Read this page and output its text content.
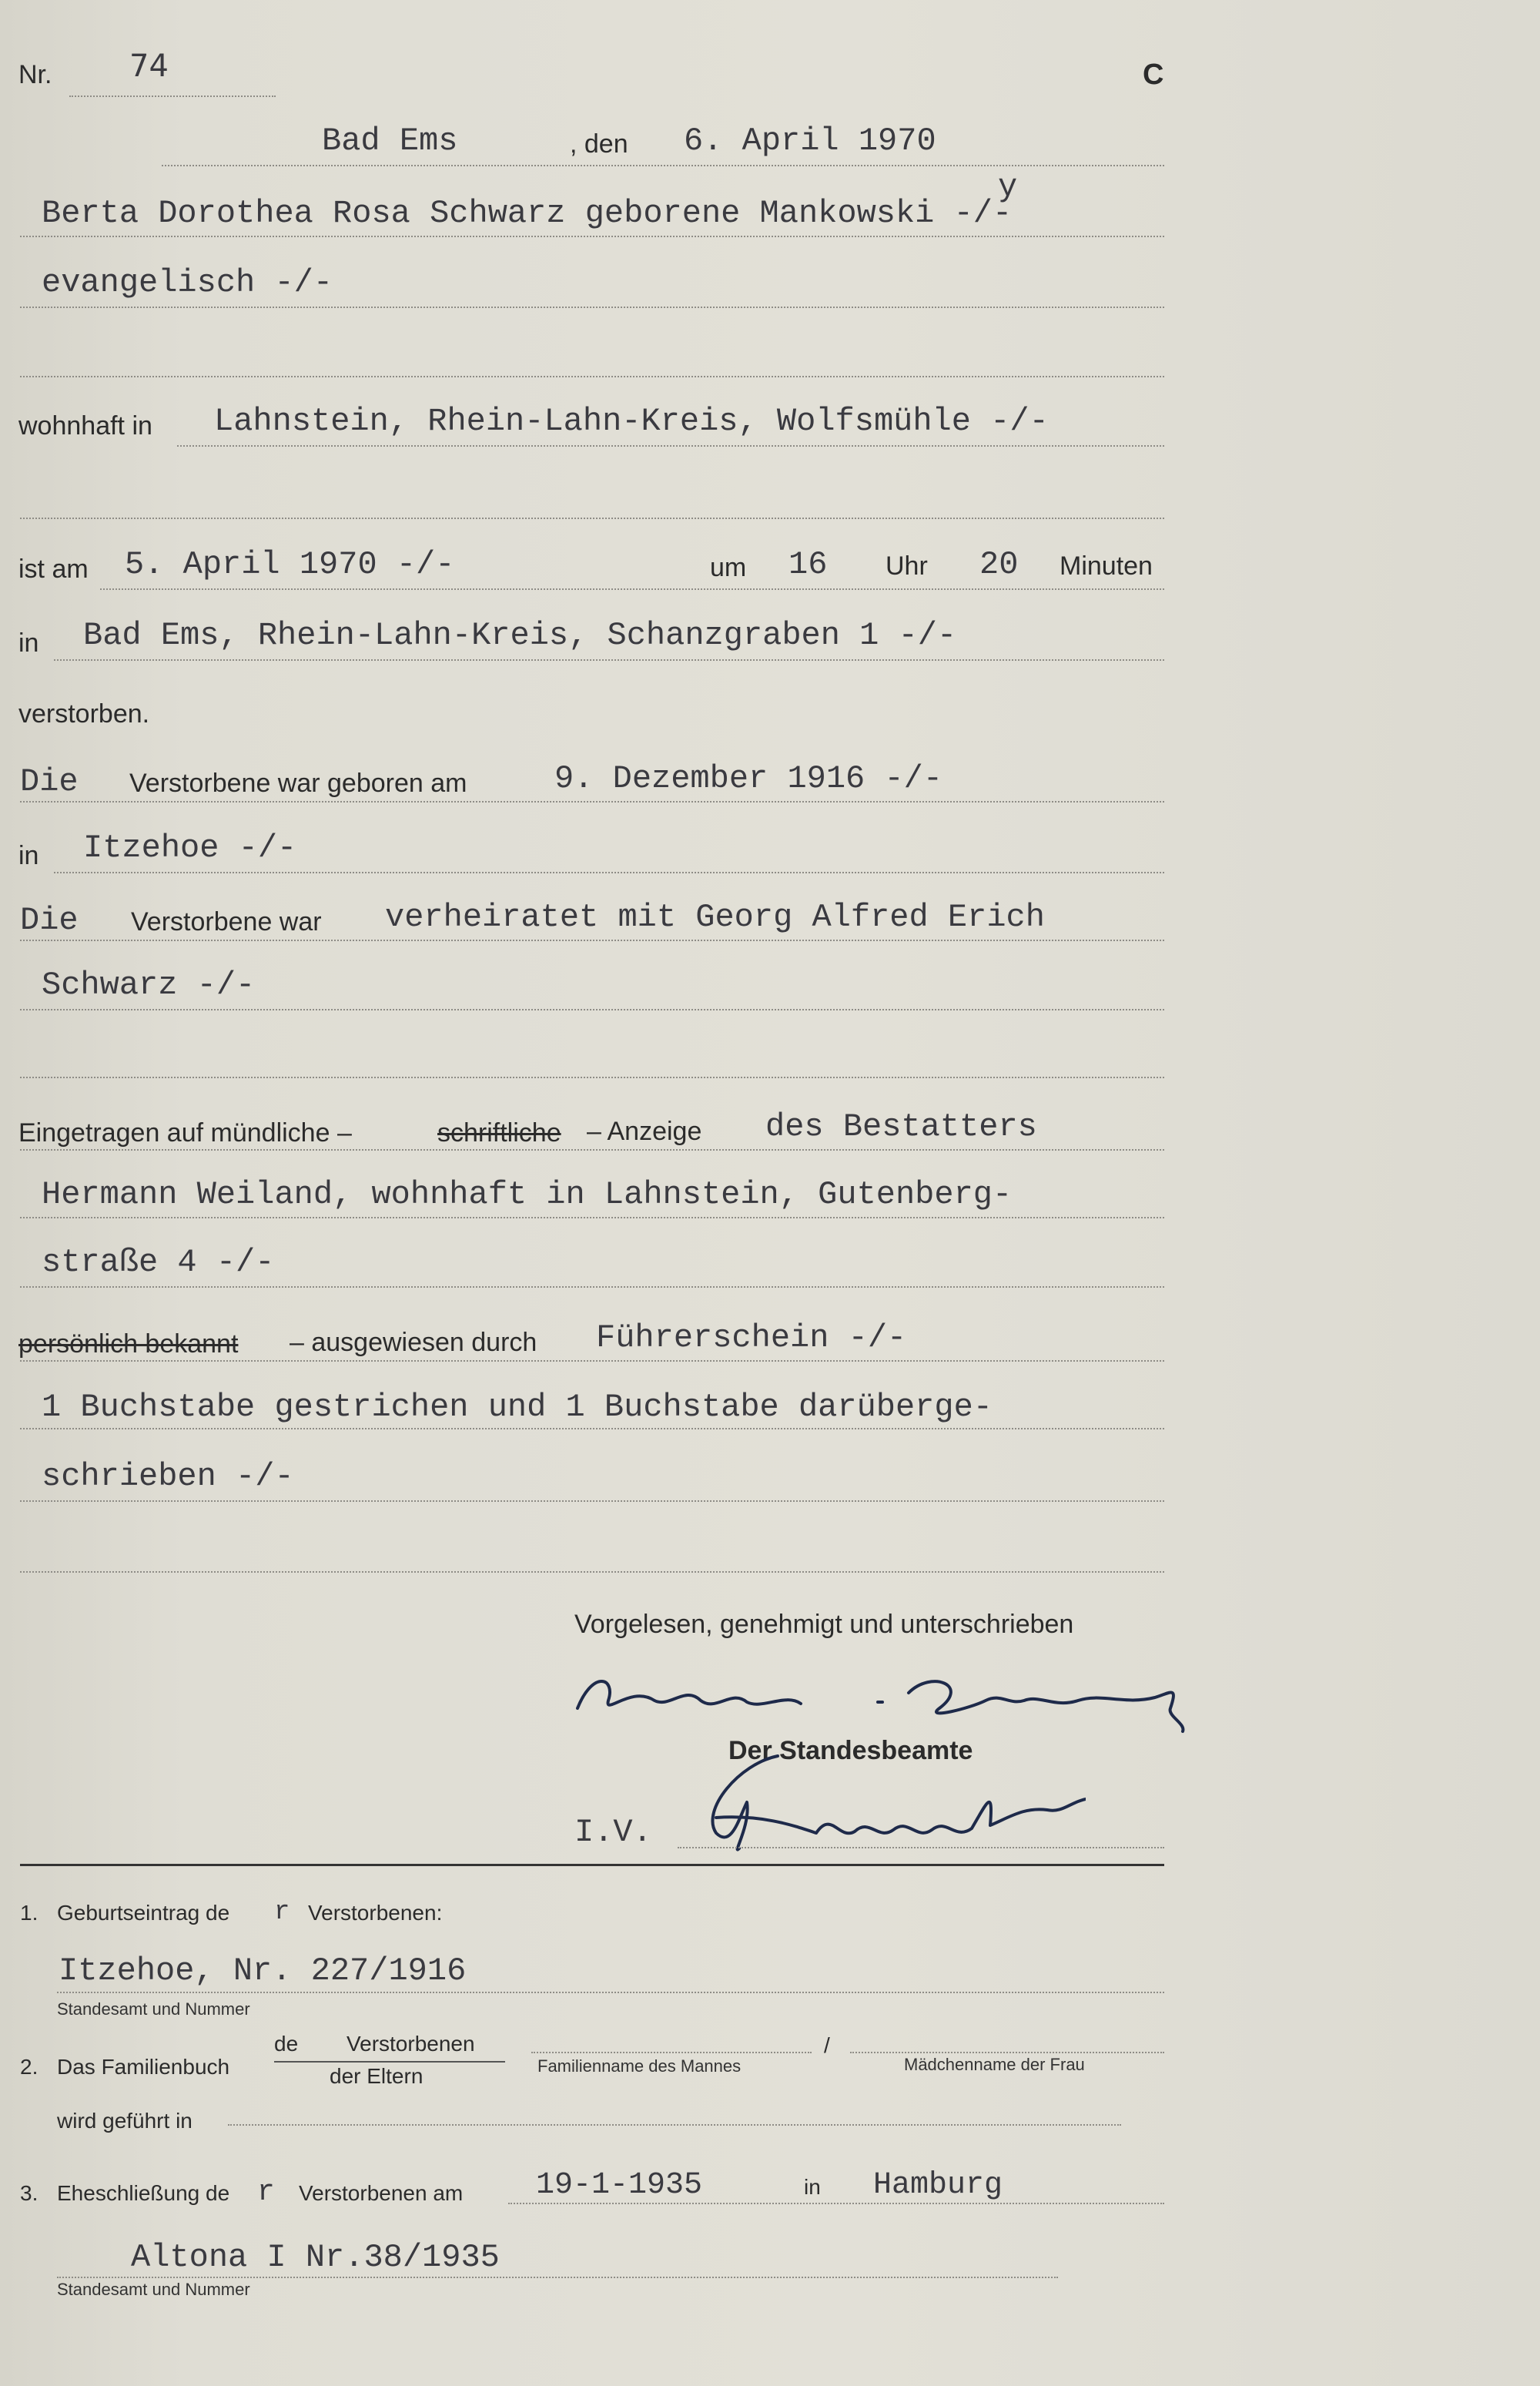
Nr.	74	C
Bad Ems	, den 6. April 1970
y
Berta Dorothea Rosa Schwarz geborene Mankowski -/-
evangelisch -/-
wohnhaft in Lahnstein, Rhein-Lahn-Kreis, Wolfsmühle -/-
ist am 5. April 1970 -/-	um 16 Uhr 20 Minuten
in Bad Ems, Rhein-Lahn-Kreis, Schanzgraben 1 -/-
verstorben.
Die Verstorbene war geboren am	9. Dezember 1916 -/-
in Itzehoe -/-
Die Verstorbene war verheiratet mit Georg Alfred Erich
Schwarz -/-
Eingetragen auf mündliche –	schriftliche – Anzeige des Bestatters
Hermann Weiland, wohnhaft in Lahnstein, Gutenberg-
straße 4 -/-
persönlich bekannt – ausgewiesen durch Führerschein -/-
1 Buchstabe gestrichen und 1 Buchstabe darüberge-
schrieben -/-
Vorgelesen, genehmigt und unterschrieben
Der Standesbeamte
I.V.
1. Geburtseintrag de r Verstorbenen:
Itzehoe, Nr. 227/1916
Standesamt und Nummer
2. Das Familienbuch
de Verstorbenen
der Eltern	Familienname des Mannes
/
Mädchenname der Frau
wird geführt in
3. Eheschließung de r Verstorbenen am 19-1-1935	in Hamburg
Altona I Nr.38/1935
Standesamt und Nummer
